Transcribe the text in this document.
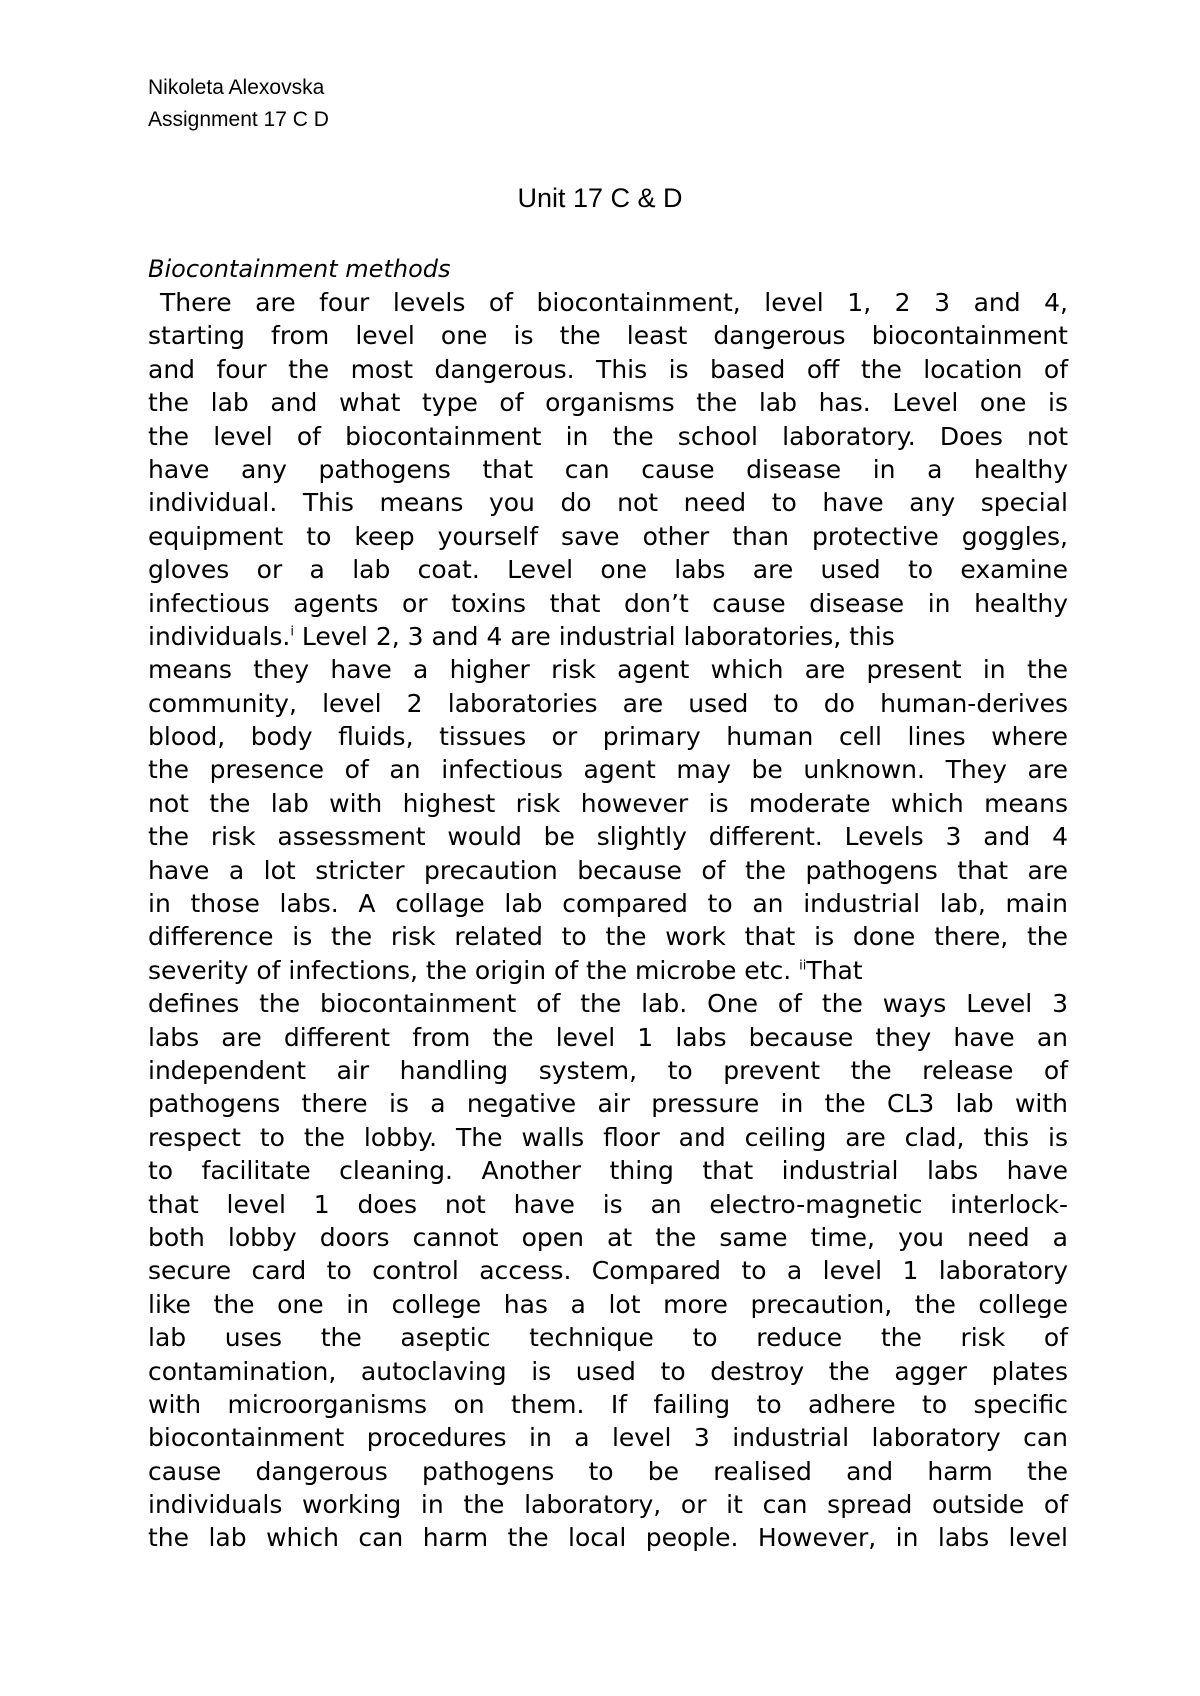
Nikoleta Alexovska
Assignment 17 C D
Unit 17 C & D
Biocontainment methods
There are four levels of biocontainment, level 1, 2 3 and 4,
starting from level one is the least dangerous biocontainment
and four the most dangerous. This is based off the location of
the lab and what type of organisms the lab has. Level one is
the level of biocontainment in the school laboratory. Does not
have any pathogens that can cause disease in a healthy
individual. This means you do not need to have any special
equipment to keep yourself save other than protective goggles,
gloves or a lab coat. Level one labs are used to examine
infectious agents or toxins that don’t cause disease in healthy
individuals.$^i$ Level 2, 3 and 4 are industrial laboratories, this
means they have a higher risk agent which are present in the
community, level 2 laboratories are used to do human-derives
blood, body fluids, tissues or primary human cell lines where
the presence of an infectious agent may be unknown. They are
not the lab with highest risk however is moderate which means
the risk assessment would be slightly different. Levels 3 and 4
have a lot stricter precaution because of the pathogens that are
in those labs. A collage lab compared to an industrial lab, main
difference is the risk related to the work that is done there, the
severity of infections, the origin of the microbe etc. $^{ii}$That
defines the biocontainment of the lab. One of the ways Level 3
labs are different from the level 1 labs because they have an
independent air handling system, to prevent the release of
pathogens there is a negative air pressure in the CL3 lab with
respect to the lobby. The walls floor and ceiling are clad, this is
to facilitate cleaning. Another thing that industrial labs have
that level 1 does not have is an electro-magnetic interlock-
both lobby doors cannot open at the same time, you need a
secure card to control access. Compared to a level 1 laboratory
like the one in college has a lot more precaution, the college
lab uses the aseptic technique to reduce the risk of
contamination, autoclaving is used to destroy the agger plates
with microorganisms on them. If failing to adhere to specific
biocontainment procedures in a level 3 industrial laboratory can
cause dangerous pathogens to be realised and harm the
individuals working in the laboratory, or it can spread outside of
the lab which can harm the local people. However, in labs level
